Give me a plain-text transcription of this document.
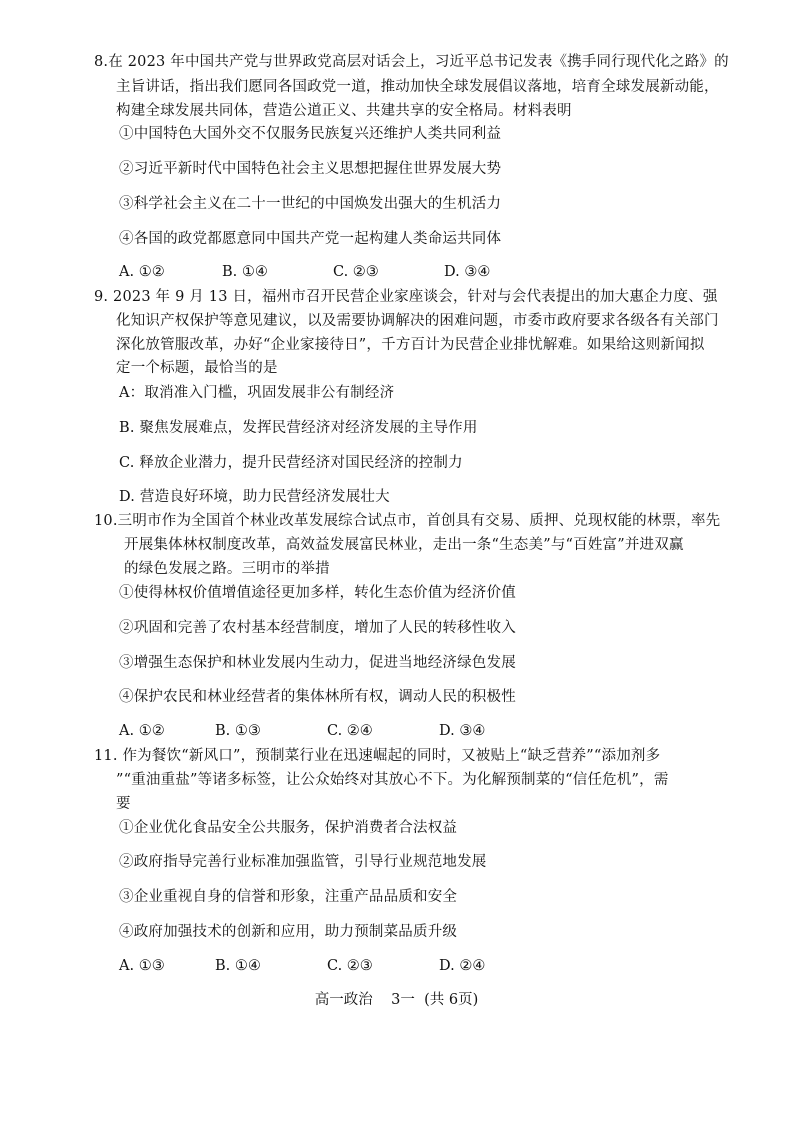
8.在 2023 年中国共产党与世界政党高层对话会上，习近平总书记发表《携手同行现代化之路》的
主旨讲话，指出我们愿同各国政党一道，推动加快全球发展倡议落地，培育全球发展新动能，
构建全球发展共同体，营造公道正义、共建共享的安全格局。材料表明
①中国特色大国外交不仅服务民族复兴还维护人类共同利益
②习近平新时代中国特色社会主义思想把握住世界发展大势
③科学社会主义在二十一世纪的中国焕发出强大的生机活力
④各国的政党都愿意同中国共产党一起构建人类命运共同体
A. ①②	B. ①④	C. ②③	D. ③④
9. 2023 年 9 月 13 日，福州市召开民营企业家座谈会，针对与会代表提出的加大惠企力度、强
化知识产权保护等意见建议，以及需要协调解决的困难问题，市委市政府要求各级各有关部门
深化放管服改革，办好“企业家接待日”，千方百计为民营企业排忧解难。如果给这则新闻拟
定一个标题，最恰当的是
A：取消准入门槛，巩固发展非公有制经济
B. 聚焦发展难点，发挥民营经济对经济发展的主导作用
C. 释放企业潜力，提升民营经济对国民经济的控制力
D. 营造良好环境，助力民营经济发展壮大
10.三明市作为全国首个林业改革发展综合试点市，首创具有交易、质押、兑现权能的林票，率先
开展集体林权制度改革，高效益发展富民林业，走出一条“生态美”与“百姓富”并进双赢
的绿色发展之路。三明市的举措
①使得林权价值增值途径更加多样，转化生态价值为经济价值
②巩固和完善了农村基本经营制度，增加了人民的转移性收入
③增强生态保护和林业发展内生动力，促进当地经济绿色发展
④保护农民和林业经营者的集体林所有权，调动人民的积极性
A. ①②	B. ①③	C. ②④	D. ③④
11. 作为餐饮“新风口”，预制菜行业在迅速崛起的同时，又被贴上“缺乏营养”“添加剂多
”“重油重盐”等诸多标签，让公众始终对其放心不下。为化解预制菜的“信任危机”，需
要
①企业优化食品安全公共服务，保护消费者合法权益
②政府指导完善行业标准加强监管，引导行业规范地发展
③企业重视自身的信誉和形象，注重产品品质和安全
④政府加强技术的创新和应用，助力预制菜品质升级
A. ①③	B. ①④	C. ②③	D. ②④
高一政治    3一  (共 6页)
